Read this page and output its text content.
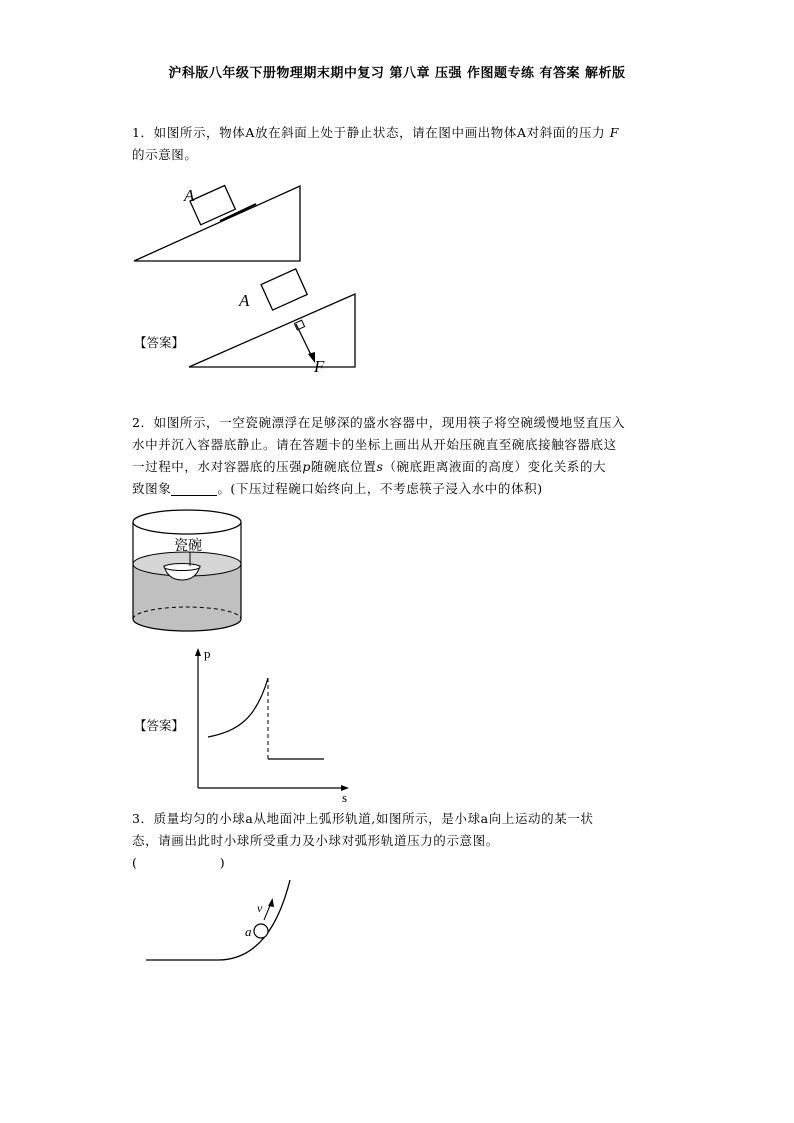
沪科版八年级下册物理期末期中复习 第八章 压强 作图题专练 有答案 解析版
1．如图所示，物体A放在斜面上处于静止状态，请在图中画出物体A对斜面的压力 F
的示意图。
A
【答案】
A
F
2．如图所示，一空瓷碗漂浮在足够深的盛水容器中，现用筷子将空碗缓慢地竖直压入
水中并沉入容器底静止。请在答题卡的坐标上画出从开始压碗直至碗底接触容器底这
一过程中，水对容器底的压强p随碗底位置s（碗底距离液面的高度）变化关系的大
致图象	。(下压过程碗口始终向上，不考虑筷子浸入水中的体积)
瓷碗
【答案】
p
s
3．质量均匀的小球a从地面冲上弧形轨道,如图所示，是小球a向上运动的某一状
态，请画出此时小球所受重力及小球对弧形轨道压力的示意图。
(                  )
v
a
